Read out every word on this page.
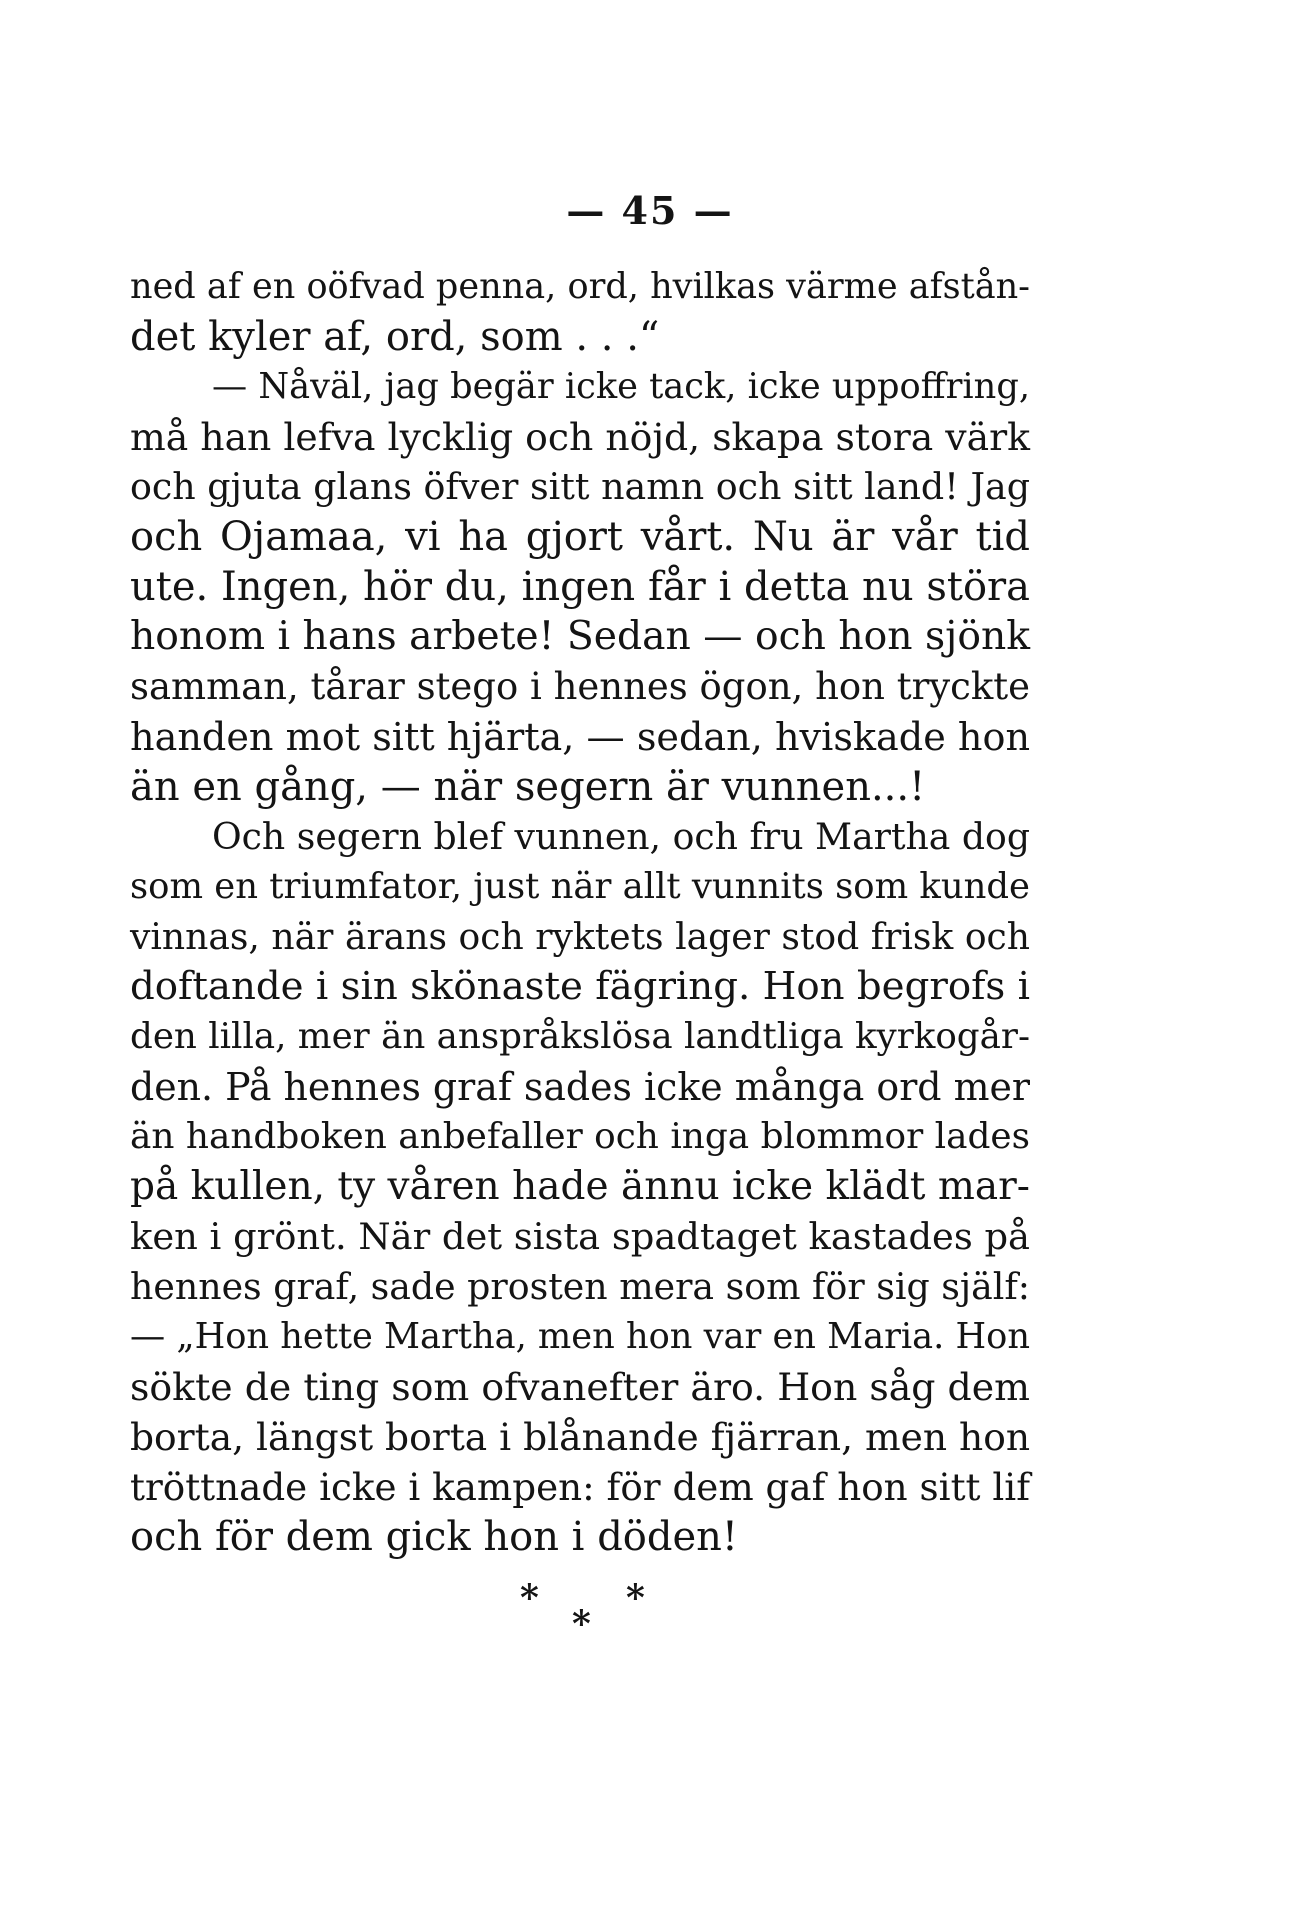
— 45 —
ned af en oöfvad penna, ord, hvilkas värme afstån-
det kyler af, ord, som . . .“
— Nåväl, jag begär icke tack, icke uppoffring,
må han lefva lycklig och nöjd, skapa stora värk
och gjuta glans öfver sitt namn och sitt land! Jag
och Ojamaa, vi ha gjort vårt. Nu är vår tid
ute. Ingen, hör du, ingen får i detta nu störa
honom i hans arbete! Sedan — och hon sjönk
samman, tårar stego i hennes ögon, hon tryckte
handen mot sitt hjärta, — sedan, hviskade hon
än en gång, — när segern är vunnen...!
Och segern blef vunnen, och fru Martha dog
som en triumfator, just när allt vunnits som kunde
vinnas, när ärans och ryktets lager stod frisk och
doftande i sin skönaste fägring. Hon begrofs i
den lilla, mer än anspråkslösa landtliga kyrkogår-
den. På hennes graf sades icke många ord mer
än handboken anbefaller och inga blommor lades
på kullen, ty våren hade ännu icke klädt mar-
ken i grönt. När det sista spadtaget kastades på
hennes graf, sade prosten mera som för sig själf:
— „Hon hette Martha, men hon var en Maria. Hon
sökte de ting som ofvanefter äro. Hon såg dem
borta, längst borta i blånande fjärran, men hon
tröttnade icke i kampen: för dem gaf hon sitt lif
och för dem gick hon i döden!
* *
*
